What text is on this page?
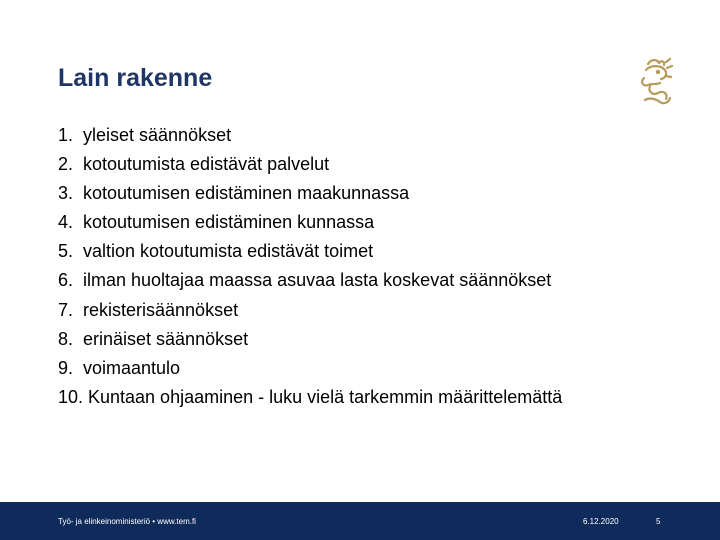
Lain rakenne
1. yleiset säännökset
2. kotoutumista edistävät palvelut
3. kotoutumisen edistäminen maakunnassa
4. kotoutumisen edistäminen kunnassa
5. valtion kotoutumista edistävät toimet
6. ilman huoltajaa maassa asuvaa lasta koskevat säännökset
7. rekisterisäännökset
8. erinäiset säännökset
9. voimaantulo
10. Kuntaan ohjaaminen - luku vielä tarkemmin määrittelemättä
Työ- ja elinkeinoministeriö • www.tem.fi	6.12.2020	5
